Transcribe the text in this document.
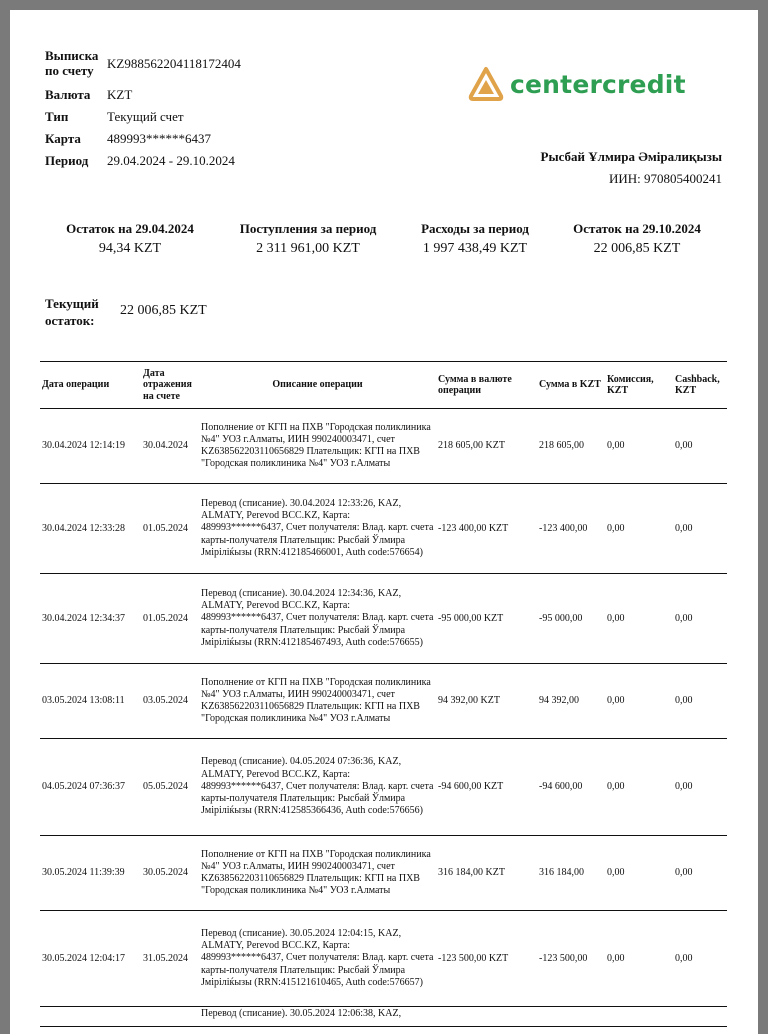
Выписка по счету	KZ988562204118172404
Валюта KZT
Тип	Текущий счет
Карта 489993******6437
Период 29.04.2024 - 29.10.2024
centercredit
Рысбай Ұлмира Әміралиқызы
ИИН: 970805400241
Остаток на 29.04.2024
94,34 KZT
Поступления за период
2 311 961,00 KZT
Расходы за период
1 997 438,49 KZT
Остаток на 29.10.2024
22 006,85 KZT
Текущий остаток:
22 006,85 KZT
Дата операции	Дата отражения на счете	Описание операции	Сумма в валюте операции	Сумма в KZT	Комиссия, KZT	Cashback, KZT
30.04.2024 12:14:19	30.04.2024	Пополнение от КГП на ПХВ "Городская поликлиника №4" УОЗ г.Алматы, ИИН 990240003471, счет KZ638562203110656829 Плательщик: КГП на ПХВ "Городская поликлиника №4" УОЗ г.Алматы	218 605,00 KZT	218 605,00	0,00	0,00
30.04.2024 12:33:28	01.05.2024	Перевод (списание). 30.04.2024 12:33:26, KAZ, ALMATY, Perevod BCC.KZ, Карта: 489993******6437, Счет получателя: Влад. карт. счета карты-получателя Плательщик: Рысбай Ўлмира Јміріліќызы (RRN:412185466001, Auth code:576654)	-123 400,00 KZT	-123 400,00	0,00	0,00
30.04.2024 12:34:37	01.05.2024	Перевод (списание). 30.04.2024 12:34:36, KAZ, ALMATY, Perevod BCC.KZ, Карта: 489993******6437, Счет получателя: Влад. карт. счета карты-получателя Плательщик: Рысбай Ўлмира Јміріліќызы (RRN:412185467493, Auth code:576655)	-95 000,00 KZT	-95 000,00	0,00	0,00
03.05.2024 13:08:11	03.05.2024	Пополнение от КГП на ПХВ "Городская поликлиника №4" УОЗ г.Алматы, ИИН 990240003471, счет KZ638562203110656829 Плательщик: КГП на ПХВ "Городская поликлиника №4" УОЗ г.Алматы	94 392,00 KZT	94 392,00	0,00	0,00
04.05.2024 07:36:37	05.05.2024	Перевод (списание). 04.05.2024 07:36:36, KAZ, ALMATY, Perevod BCC.KZ, Карта: 489993******6437, Счет получателя: Влад. карт. счета карты-получателя Плательщик: Рысбай Ўлмира Јміріліќызы (RRN:412585366436, Auth code:576656)	-94 600,00 KZT	-94 600,00	0,00	0,00
30.05.2024 11:39:39	30.05.2024	Пополнение от КГП на ПХВ "Городская поликлиника №4" УОЗ г.Алматы, ИИН 990240003471, счет KZ638562203110656829 Плательщик: КГП на ПХВ "Городская поликлиника №4" УОЗ г.Алматы	316 184,00 KZT	316 184,00	0,00	0,00
30.05.2024 12:04:17	31.05.2024	Перевод (списание). 30.05.2024 12:04:15, KAZ, ALMATY, Perevod BCC.KZ, Карта: 489993******6437, Счет получателя: Влад. карт. счета карты-получателя Плательщик: Рысбай Ўлмира Јміріліќызы (RRN:415121610465, Auth code:576657)	-123 500,00 KZT	-123 500,00	0,00	0,00
		Перевод (списание). 30.05.2024 12:06:38, KAZ,				
